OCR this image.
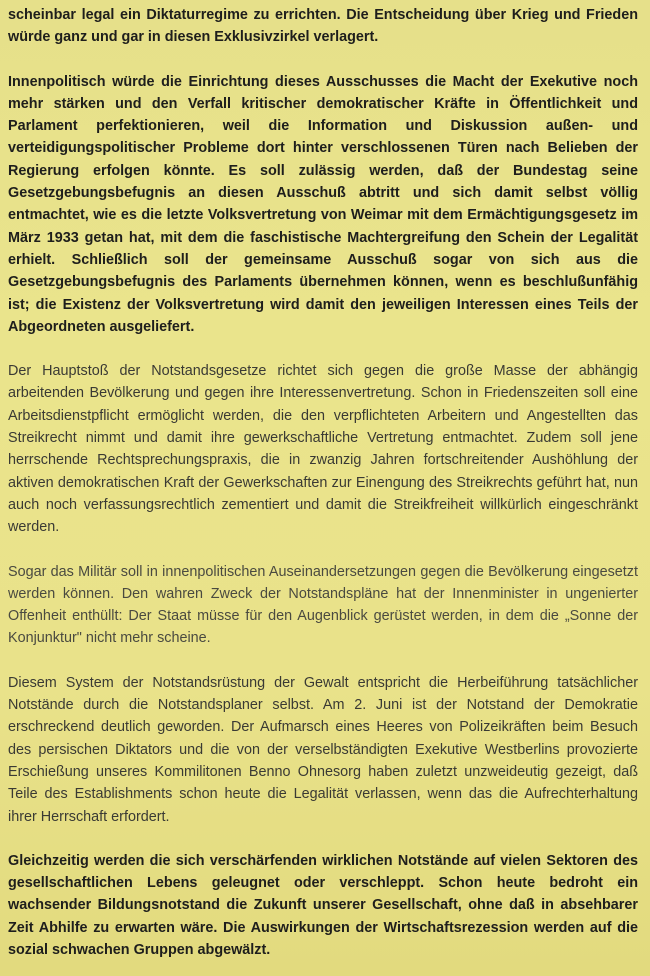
scheinbar legal ein Diktaturregime zu errichten. Die Entscheidung über Krieg und Frieden würde ganz und gar in diesen Exklusivzirkel verlagert.

Innenpolitisch würde die Einrichtung dieses Ausschusses die Macht der Exekutive noch mehr stärken und den Verfall kritischer demokratischer Kräfte in Öffentlichkeit und Parlament perfektionieren, weil die Information und Diskussion außen- und verteidigungspolitischer Probleme dort hinter verschlossenen Türen nach Belieben der Regierung erfolgen könnte. Es soll zulässig werden, daß der Bundestag seine Gesetzgebungsbefugnis an diesen Ausschuß abtritt und sich damit selbst völlig entmachtet, wie es die letzte Volksvertretung von Weimar mit dem Ermächtigungsgesetz im März 1933 getan hat, mit dem die faschistische Machtergreifung den Schein der Legalität erhielt. Schließlich soll der gemeinsame Ausschuß sogar von sich aus die Gesetzgebungsbefugnis des Parlaments übernehmen können, wenn es beschlußunfähig ist; die Existenz der Volksvertretung wird damit den jeweiligen Interessen eines Teils der Abgeordneten ausgeliefert.

Der Hauptstoß der Notstandsgesetze richtet sich gegen die große Masse der abhängig arbeitenden Bevölkerung und gegen ihre Interessenvertretung. Schon in Friedenszeiten soll eine Arbeitsdienstpflicht ermöglicht werden, die den verpflichteten Arbeitern und Angestellten das Streikrecht nimmt und damit ihre gewerkschaftliche Vertretung entmachtet. Zudem soll jene herrschende Rechtsprechungspraxis, die in zwanzig Jahren fortschreitender Aushöhlung der aktiven demokratischen Kraft der Gewerkschaften zur Einengung des Streikrechts geführt hat, nun auch noch verfassungsrechtlich zementiert und damit die Streikfreiheit willkürlich eingeschränkt werden.

Sogar das Militär soll in innenpolitischen Auseinandersetzungen gegen die Bevölkerung eingesetzt werden können. Den wahren Zweck der Notstandspläne hat der Innenminister in ungenierter Offenheit enthüllt: Der Staat müsse für den Augenblick gerüstet werden, in dem die „Sonne der Konjunktur" nicht mehr scheine.

Diesem System der Notstandsrüstung der Gewalt entspricht die Herbeiführung tatsächlicher Notstände durch die Notstandsplaner selbst. Am 2. Juni ist der Notstand der Demokratie erschreckend deutlich geworden. Der Aufmarsch eines Heeres von Polizeikräften beim Besuch des persischen Diktators und die von der verselbständigten Exekutive Westberlins provozierte Erschießung unseres Kommilitonen Benno Ohnesorg haben zuletzt unzweideutig gezeigt, daß Teile des Establishments schon heute die Legalität verlassen, wenn das die Aufrechterhaltung ihrer Herrschaft erfordert.

Gleichzeitig werden die sich verschärfenden wirklichen Notstände auf vielen Sektoren des gesellschaftlichen Lebens geleugnet oder verschleppt. Schon heute bedroht ein wachsender Bildungsnotstand die Zukunft unserer Gesellschaft, ohne daß in absehbarer Zeit Abhilfe zu erwarten wäre. Die Auswirkungen der Wirtschaftsrezession werden auf die sozial schwachen Gruppen abgewälzt.
